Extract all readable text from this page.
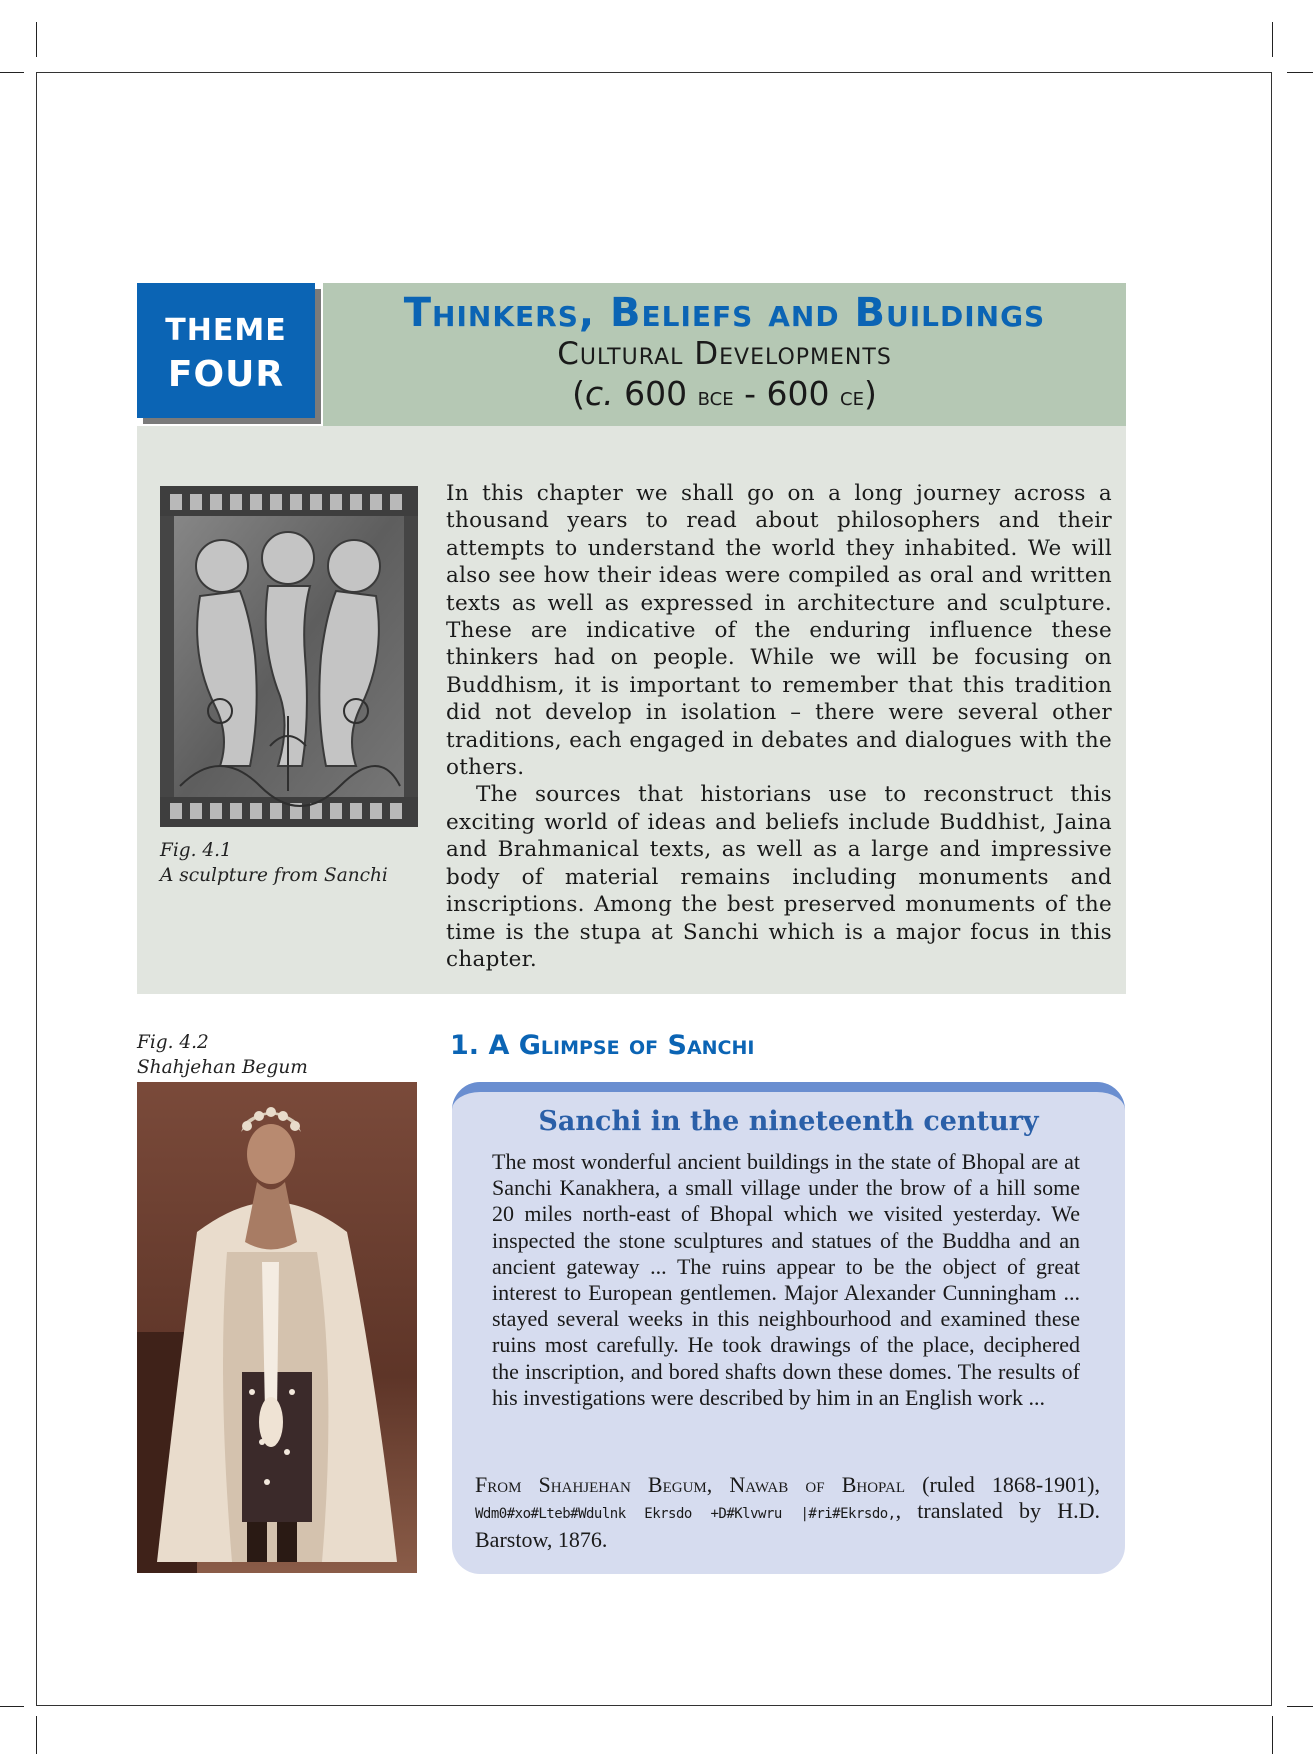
THEME
FOUR
Thinkers, Beliefs and Buildings
Cultural Developments
(c. 600 bce - 600 ce)
Fig. 4.1
A sculpture from Sanchi

In this chapter we shall go on a long journey across a thousand years to read about philosophers and their attempts to understand the world they inhabited. We will also see how their ideas were compiled as oral and written texts as well as expressed in architecture and sculpture. These are indicative of the enduring influence these thinkers had on people. While we will be focusing on Buddhism, it is important to remember that this tradition did not develop in isolation – there were several other traditions, each engaged in debates and dialogues with the others.

The sources that historians use to reconstruct this exciting world of ideas and beliefs include Buddhist, Jaina and Brahmanical texts, as well as a large and impressive body of material remains including monuments and inscriptions. Among the best preserved monuments of the time is the stupa at Sanchi which is a major focus in this chapter.

Fig. 4.2
Shahjehan Begum
1. A Glimpse of Sanchi
Sanchi in the nineteenth century
The most wonderful ancient buildings in the state of Bhopal are at Sanchi Kanakhera, a small village under the brow of a hill some 20 miles north-east of Bhopal which we visited yesterday. We inspected the stone sculptures and statues of the Buddha and an ancient gateway ... The ruins appear to be the object of great interest to European gentlemen. Major Alexander Cunningham ... stayed several weeks in this neighbourhood and examined these ruins most carefully. He took drawings of the place, deciphered the inscription, and bored shafts down these domes. The results of his investigations were described by him in an English work ...
From Shahjehan Begum, Nawab of Bhopal (ruled 1868-1901), Wdm0#xo#Lteb#Wdulnk Ekrsdo +D#Klvwru |#ri#Ekrsdo,, translated by H.D. Barstow, 1876.
